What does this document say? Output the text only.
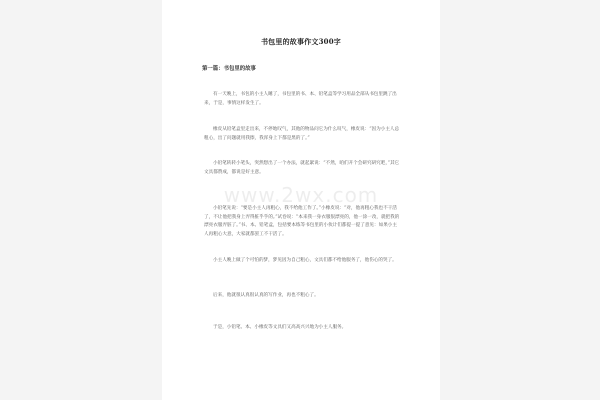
书包里的故事作文300字
第一篇：书包里的故事

有一天晚上，书包的小主人睡了，书包里的书、本、铅笔盒等学习用品全部从书包里跳了出来，于是，事情这样发生了。

橡皮从铅笔盒里走出来，不停地叹气，其他的物品问它为什么叹气，橡皮说：“因为小主人总粗心，出了问题就用我擦，我浑身上下都是黑的了。”

小铅笔转转小笔头，突然想出了一个办法，就起紧说：“不然，咱们开个会研究研究吧，”其它文具都赞成，都说是好主意。

小铅笔先说：“要是小主人再粗心，我不给他工作了。”小橡皮说：“对，他再粗心我也不干活了，不让他把我身上弄得脏乎乎的。”试卷说：“本来我一身衣服很漂亮的，他一涂一改，就把我的漂亮衣服弄脏了。”书、本、铅笔盒，包括要本练等书包里的小伙计们都提一提了意见：如果小主人再粗心大意，大家就都罢工不干活了。

小主人晚上做了个可怕的梦，梦见因为自己粗心，文具们都不给他服务了，他伤心的哭了。

后来，他就很认真很认真的写作业，再也不粗心了。

于是，小铅笔、本、小橡皮等文具们又高高兴兴地为小主人服务。

www.2wx.com
